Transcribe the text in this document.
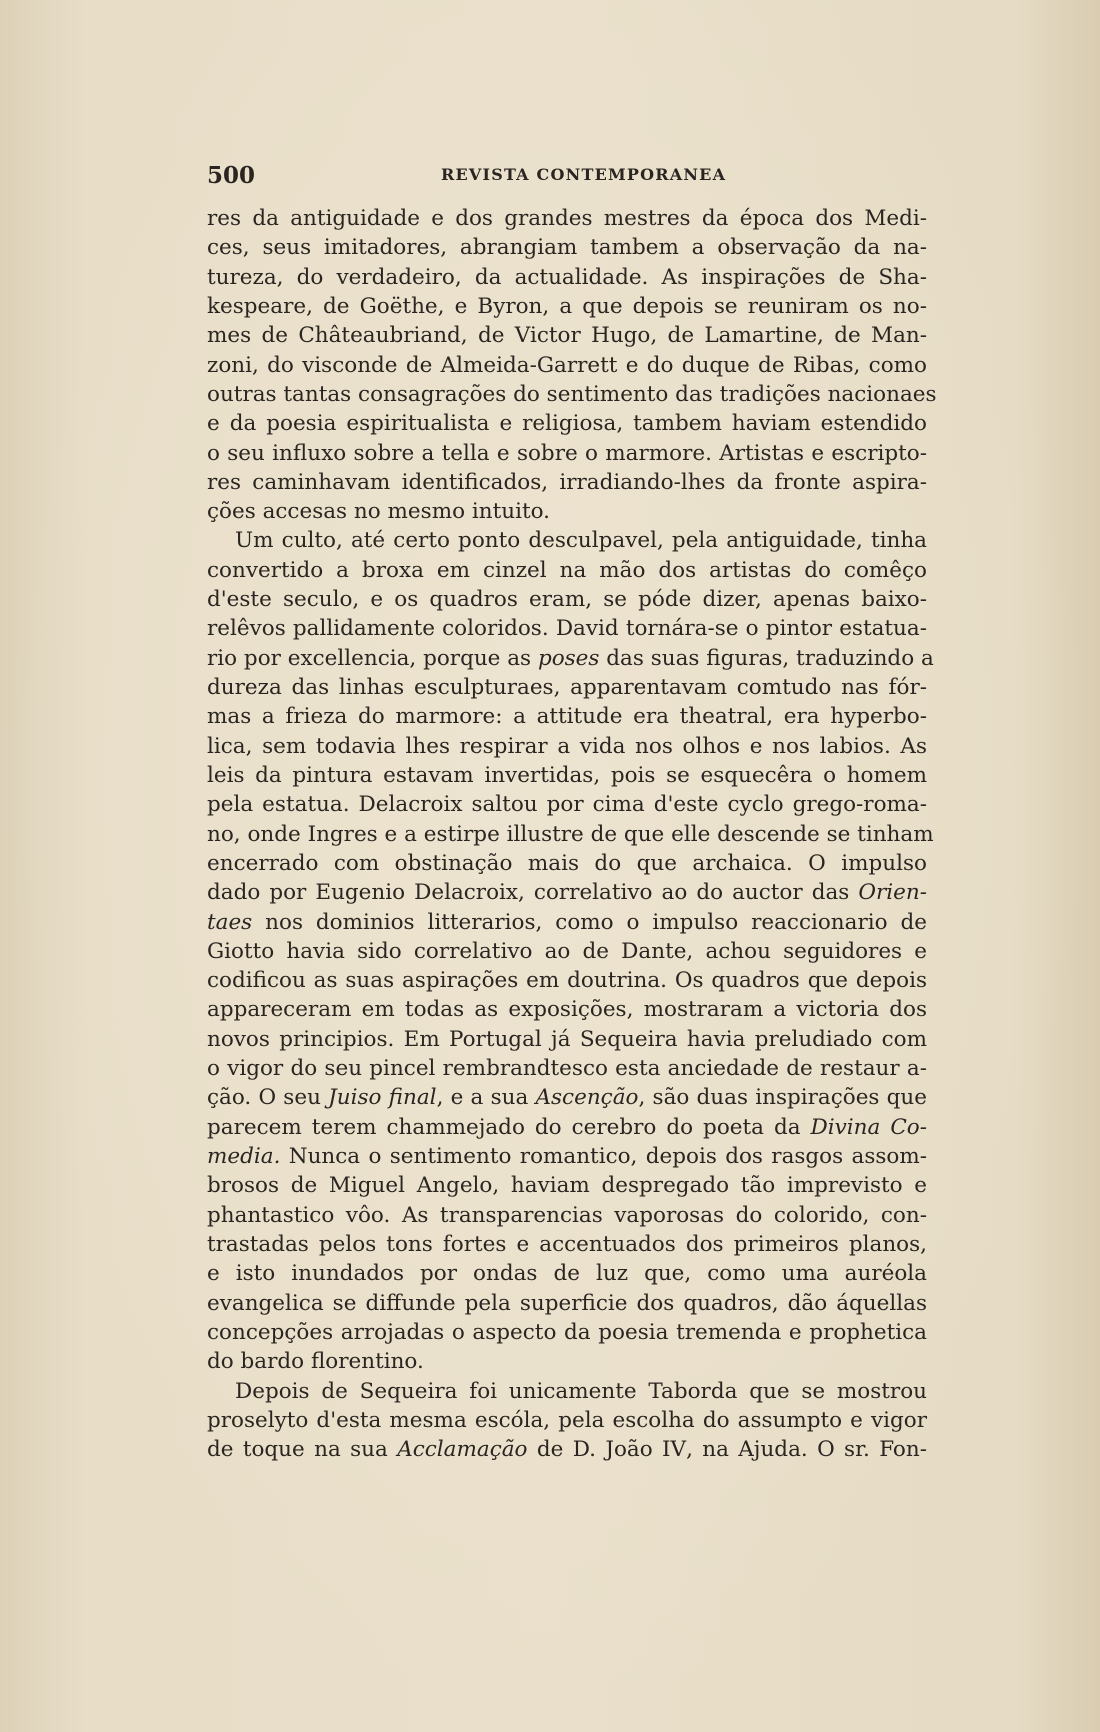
500	REVISTA CONTEMPORANEA
res da antiguidade e dos grandes mestres da época dos Medi-
ces, seus imitadores, abrangiam tambem a observação da na-
tureza, do verdadeiro, da actualidade. As inspirações de Sha-
kespeare, de Goëthe, e Byron, a que depois se reuniram os no-
mes de Châteaubriand, de Victor Hugo, de Lamartine, de Man-
zoni, do visconde de Almeida-Garrett e do duque de Ribas, como
outras tantas consagrações do sentimento das tradições nacionaes
e da poesia espiritualista e religiosa, tambem haviam estendido
o seu influxo sobre a tella e sobre o marmore. Artistas e escripto-
res caminhavam identificados, irradiando-lhes da fronte aspira-
ções accesas no mesmo intuito.
Um culto, até certo ponto desculpavel, pela antiguidade, tinha
convertido a broxa em cinzel na mão dos artistas do comêço
d'este seculo, e os quadros eram, se póde dizer, apenas baixo-
relêvos pallidamente coloridos. David tornára-se o pintor estatua-
rio por excellencia, porque as poses das suas figuras, traduzindo a
dureza das linhas esculpturaes, apparentavam comtudo nas fór-
mas a frieza do marmore: a attitude era theatral, era hyperbo-
lica, sem todavia lhes respirar a vida nos olhos e nos labios. As
leis da pintura estavam invertidas, pois se esquecêra o homem
pela estatua. Delacroix saltou por cima d'este cyclo grego-roma-
no, onde Ingres e a estirpe illustre de que elle descende se tinham
encerrado com obstinação mais do que archaica. O impulso
dado por Eugenio Delacroix, correlativo ao do auctor das Orien-
taes nos dominios litterarios, como o impulso reaccionario de
Giotto havia sido correlativo ao de Dante, achou seguidores e
codificou as suas aspirações em doutrina. Os quadros que depois
appareceram em todas as exposições, mostraram a victoria dos
novos principios. Em Portugal já Sequeira havia preludiado com
o vigor do seu pincel rembrandtesco esta anciedade de restaur a-
ção. O seu Juiso final, e a sua Ascenção, são duas inspirações que
parecem terem chammejado do cerebro do poeta da Divina Co-
media. Nunca o sentimento romantico, depois dos rasgos assom-
brosos de Miguel Angelo, haviam despregado tão imprevisto e
phantastico vôo. As transparencias vaporosas do colorido, con-
trastadas pelos tons fortes e accentuados dos primeiros planos,
e isto inundados por ondas de luz que, como uma auréola
evangelica se diffunde pela superficie dos quadros, dão áquellas
concepções arrojadas o aspecto da poesia tremenda e prophetica
do bardo florentino.
Depois de Sequeira foi unicamente Taborda que se mostrou
proselyto d'esta mesma escóla, pela escolha do assumpto e vigor
de toque na sua Acclamação de D. João IV, na Ajuda. O sr. Fon-
